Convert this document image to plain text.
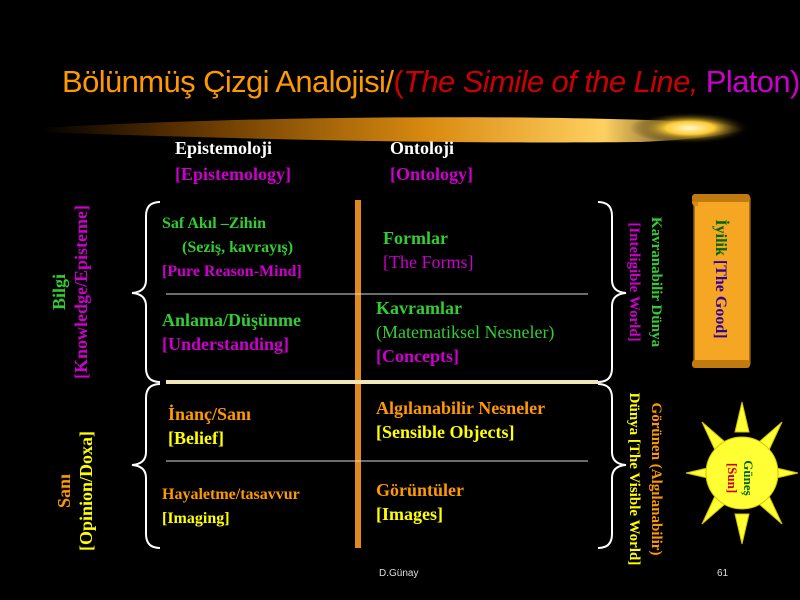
Bölünmüş Çizgi Analojisi/(The Simile of the Line, Platon)
Epistemoloji
[Epistemology]
Ontoloji
[Ontology]
Bilgi
[Knowledge/Episteme]
Sanı [Opinion/Doxa]
Saf Akıl –Zihin
(Seziş, kavrayış)
[Pure Reason-Mind]
Formlar
[The Forms]
Anlama/Düşünme
[Understanding]
Kavramlar
(Matematiksel Nesneler)
[Concepts]
İnanç/Sanı
[Belief]
Algılanabilir Nesneler
[Sensible Objects]
Hayaletme/tasavvur
[Imaging]
Görüntüler
[Images]
Kavranabilir Dünya
[Inteligible World]
Görünen (Algılanabilir)
Dünya [The Visible World]
İyilik [The Good]
Güneş
[Sun]
D.Günay	61
